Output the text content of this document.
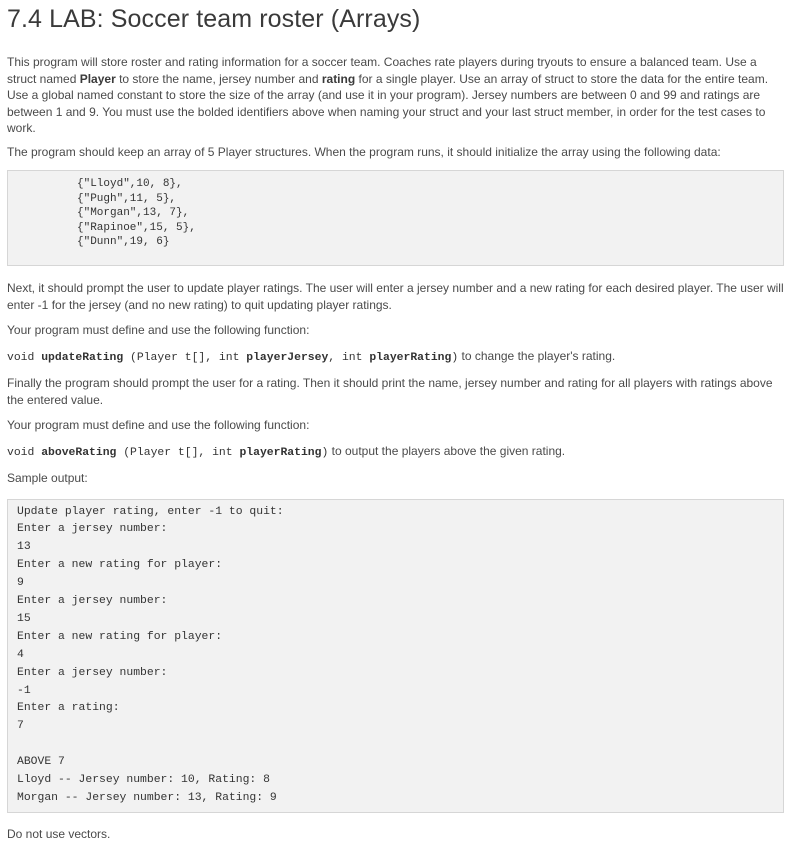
7.4 LAB: Soccer team roster (Arrays)

This program will store roster and rating information for a soccer team. Coaches rate players during tryouts to ensure a balanced team. Use a struct named Player to store the name, jersey number and rating for a single player. Use an array of struct to store the data for the entire team. Use a global named constant to store the size of the array (and use it in your program). Jersey numbers are between 0 and 99 and ratings are between 1 and 9. You must use the bolded identifiers above when naming your struct and your last struct member, in order for the test cases to work.

The program should keep an array of 5 Player structures. When the program runs, it should initialize the array using the following data:

{"Lloyd",10, 8},
{"Pugh",11, 5},
{"Morgan",13, 7},
{"Rapinoe",15, 5},
{"Dunn",19, 6}

Next, it should prompt the user to update player ratings. The user will enter a jersey number and a new rating for each desired player. The user will enter -1 for the jersey (and no new rating) to quit updating player ratings.

Your program must define and use the following function:

void updateRating (Player t[], int playerJersey, int playerRating) to change the player's rating.

Finally the program should prompt the user for a rating. Then it should print the name, jersey number and rating for all players with ratings above the entered value.

Your program must define and use the following function:

void aboveRating (Player t[], int playerRating) to output the players above the given rating.

Sample output:

Update player rating, enter -1 to quit:
Enter a jersey number:
13
Enter a new rating for player:
9
Enter a jersey number:
15
Enter a new rating for player:
4
Enter a jersey number:
-1
Enter a rating:
7

ABOVE 7
Lloyd -- Jersey number: 10, Rating: 8
Morgan -- Jersey number: 13, Rating: 9

Do not use vectors.
